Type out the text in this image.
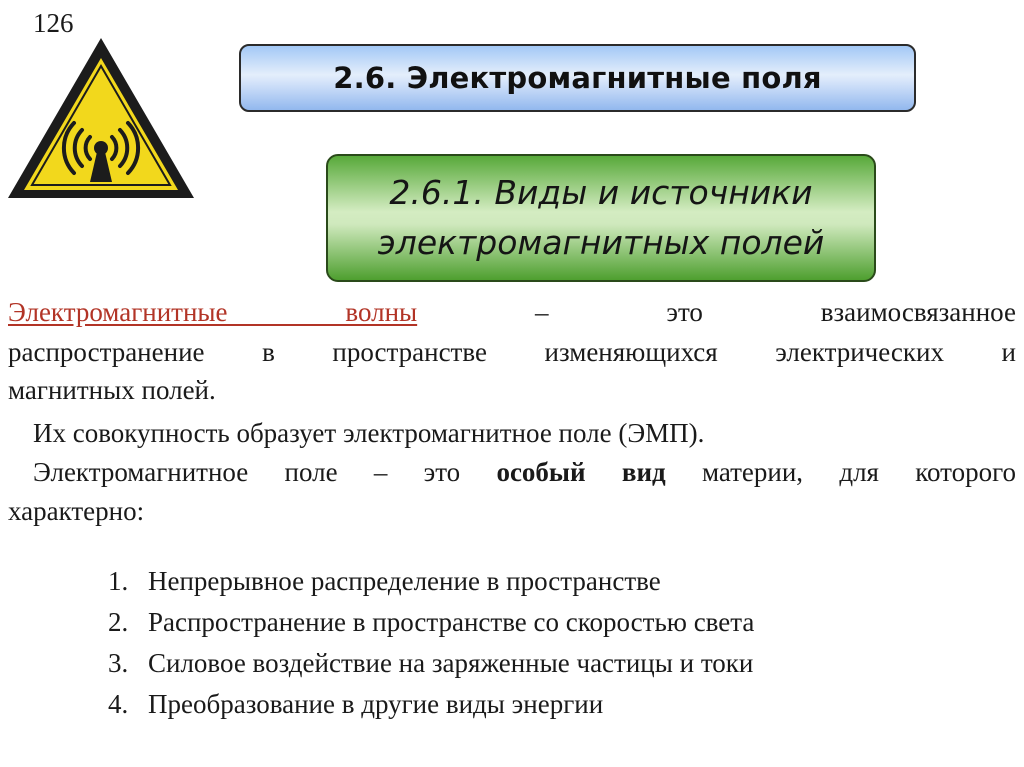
126
2.6. Электромагнитные поля
2.6.1. Виды и источники
электромагнитных полей
Электромагнитные волны – это взаимосвязанное
распространение в пространстве изменяющихся электрических и
магнитных полей.
Их совокупность образует электромагнитное поле (ЭМП).
Электромагнитное поле – это особый вид материи, для которого
характерно:
1. Непрерывное распределение в пространстве
2. Распространение в пространстве со скоростью света
3. Силовое воздействие на заряженные частицы и токи
4. Преобразование в другие виды энергии
